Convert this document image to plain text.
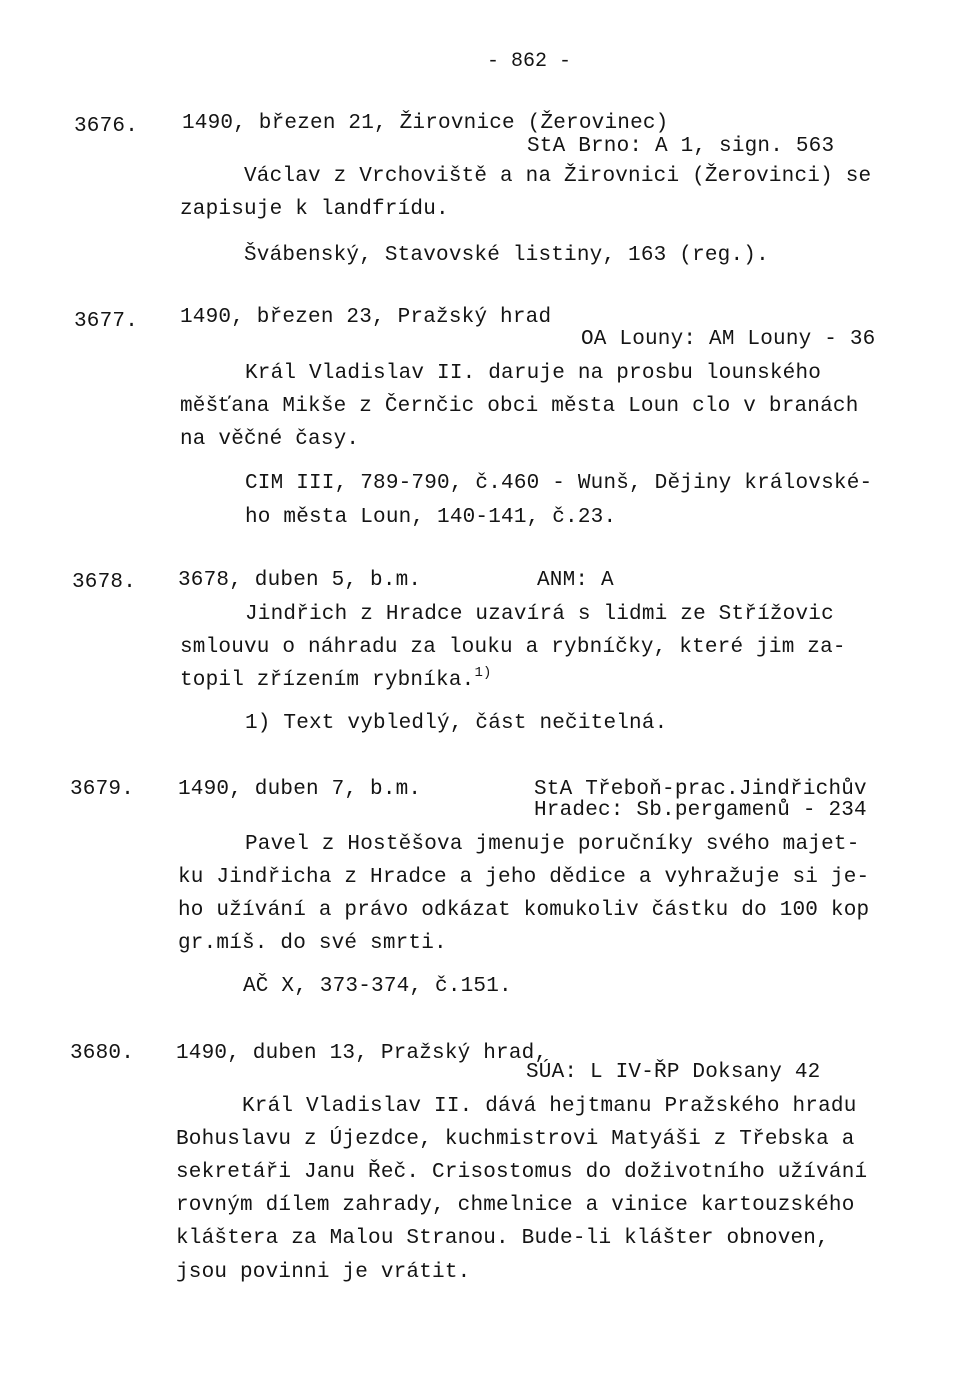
- 862 -
3676. 1490, březen 21, Žirovnice (Žerovinec)
StA Brno: A 1, sign. 563
Václav z Vrchoviště a na Žirovnici (Žerovinci) se
zapisuje k landfrídu.
Švábenský, Stavovské listiny, 163 (reg.).
3677. 1490, březen 23, Pražský hrad
OA Louny: AM Louny - 36
Král Vladislav II. daruje na prosbu lounského
měšťana Mikše z Černčic obci města Loun clo v branách
na věčné časy.
CIM III, 789-790, č.460 - Wunš, Dějiny královské-
ho města Loun, 140-141, č.23.
3678. 3678, duben 5, b.m.	ANM: A
Jindřich z Hradce uzavírá s lidmi ze Střížovic
smlouvu o náhradu za louku a rybníčky, které jim za-
topil zřízením rybníka.$^{1)}$
1) Text vybledlý, část nečitelná.
3679. 1490, duben 7, b.m.	StA Třeboň-prac.Jindřichův
Hradec: Sb.pergamenů - 234
Pavel z Hostěšova jmenuje poručníky svého majet-
ku Jindřicha z Hradce a jeho dědice a vyhražuje si je-
ho užívání a právo odkázat komukoliv částku do 100 kop
gr.míš. do své smrti.
AČ X, 373-374, č.151.
3680. 1490, duben 13, Pražský hrad,
SÚA: L IV-ŘP Doksany 42
Král Vladislav II. dává hejtmanu Pražského hradu
Bohuslavu z Újezdce, kuchmistrovi Matyáši z Třebska a
sekretáři Janu Řeč. Crisostomus do doživotního užívání
rovným dílem zahrady, chmelnice a vinice kartouzského
kláštera za Malou Stranou. Bude-li klášter obnoven,
jsou povinni je vrátit.
